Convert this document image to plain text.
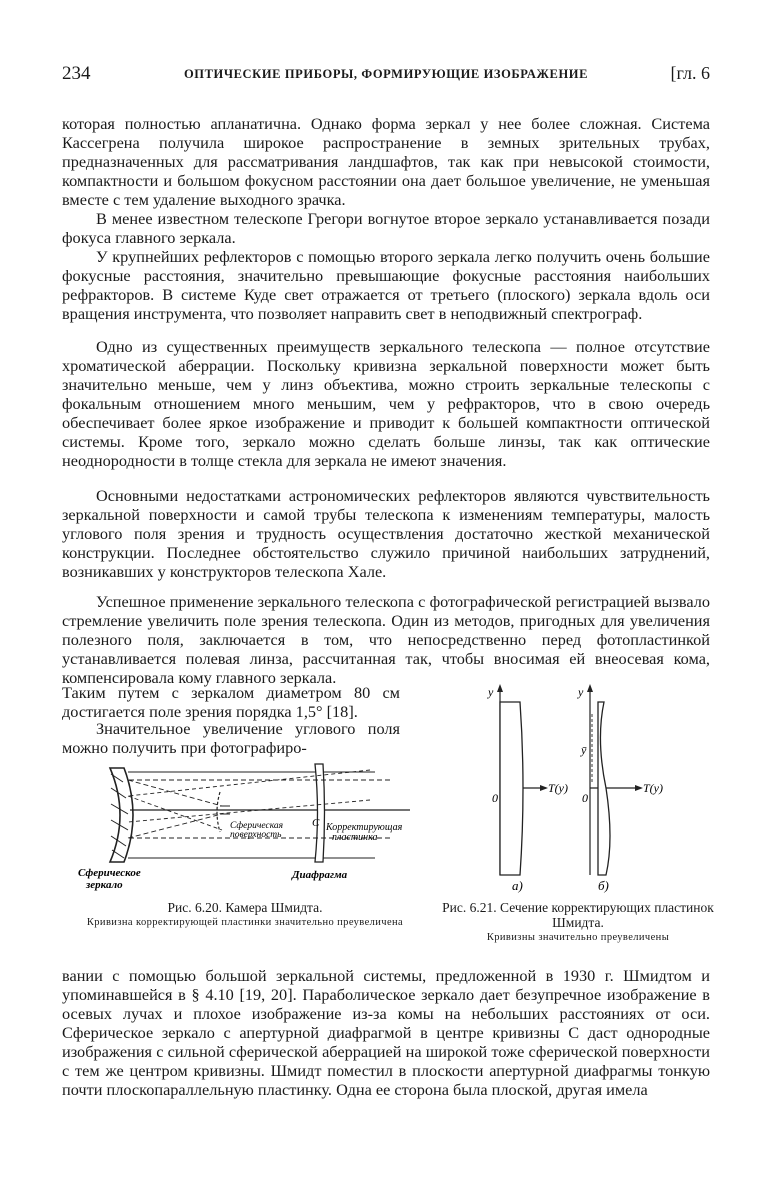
234	ОПТИЧЕСКИЕ ПРИБОРЫ, ФОРМИРУЮЩИЕ ИЗОБРАЖЕНИЕ	[гл. 6

которая полностью апланатична. Однако форма зеркал у нее более сложная. Система Кассегрена получила широкое распространение в земных зрительных трубах, предназначенных для рассматривания ландшафтов, так как при невысокой стоимости, компактности и большом фокусном расстоянии она дает большое увеличение, не уменьшая вместе с тем удаление выходного зрачка.

В менее известном телескопе Грегори вогнутое второе зеркало устанавливается позади фокуса главного зеркала.

У крупнейших рефлекторов с помощью второго зеркала легко получить очень большие фокусные расстояния, значительно превышающие фокусные расстояния наибольших рефракторов. В системе Куде свет отражается от третьего (плоского) зеркала вдоль оси вращения инструмента, что позволяет направить свет в неподвижный спектрограф.

Одно из существенных преимуществ зеркального телескопа — полное отсутствие хроматической аберрации. Поскольку кривизна зеркальной поверхности может быть значительно меньше, чем у линз объектива, можно строить зеркальные телескопы с фокальным отношением много меньшим, чем у рефракторов, что в свою очередь обеспечивает более яркое изображение и приводит к большей компактности оптической системы. Кроме того, зеркало можно сделать больше линзы, так как оптические неоднородности в толще стекла для зеркала не имеют значения.

Основными недостатками астрономических рефлекторов являются чувствительность зеркальной поверхности и самой трубы телескопа к изменениям температуры, малость углового поля зрения и трудность осуществления достаточно жесткой механической конструкции. Последнее обстоятельство служило причиной наибольших затруднений, возникавших у конструкторов телескопа Хале.

Успешное применение зеркального телескопа с фотографической регистрацией вызвало стремление увеличить поле зрения телескопа. Один из методов, пригодных для увеличения полезного поля, заключается в том, что непосредственно перед фотопластинкой устанавливается полевая линза, рассчитанная так, чтобы вносимая ей внеосевая кома, компенсировала кому главного зеркала.

Таким путем с зеркалом диаметром 80 см достигается поле зрения порядка 1,5° [18].

Значительное увеличение углового поля можно получить при фотографиро-

Сферическая
поверхность
C Корректирующая
пластинка
Сферическое
зеркало
Диафрагма
Рис. 6.20. Камера Шмидта.
Кривизна корректирующей пластинки значительно преувеличена
y
T(y)
0
а)
y
T(y)
0
ȳ
б)
Рис. 6.21. Сечение корректирующих пластинок Шмидта.
Кривизны значительно преувеличены

вании с помощью большой зеркальной системы, предложенной в 1930 г. Шмидтом и упоминавшейся в § 4.10 [19, 20]. Параболическое зеркало дает безупречное изображение в осевых лучах и плохое изображение из-за комы на небольших расстояниях от оси. Сферическое зеркало с апертурной диафрагмой в центре кривизны C даст однородные изображения с сильной сферической аберрацией на широкой тоже сферической поверхности с тем же центром кривизны. Шмидт поместил в плоскости апертурной диафрагмы тонкую почти плоскопараллельную пластинку. Одна ее сторона была плоской, другая имела
